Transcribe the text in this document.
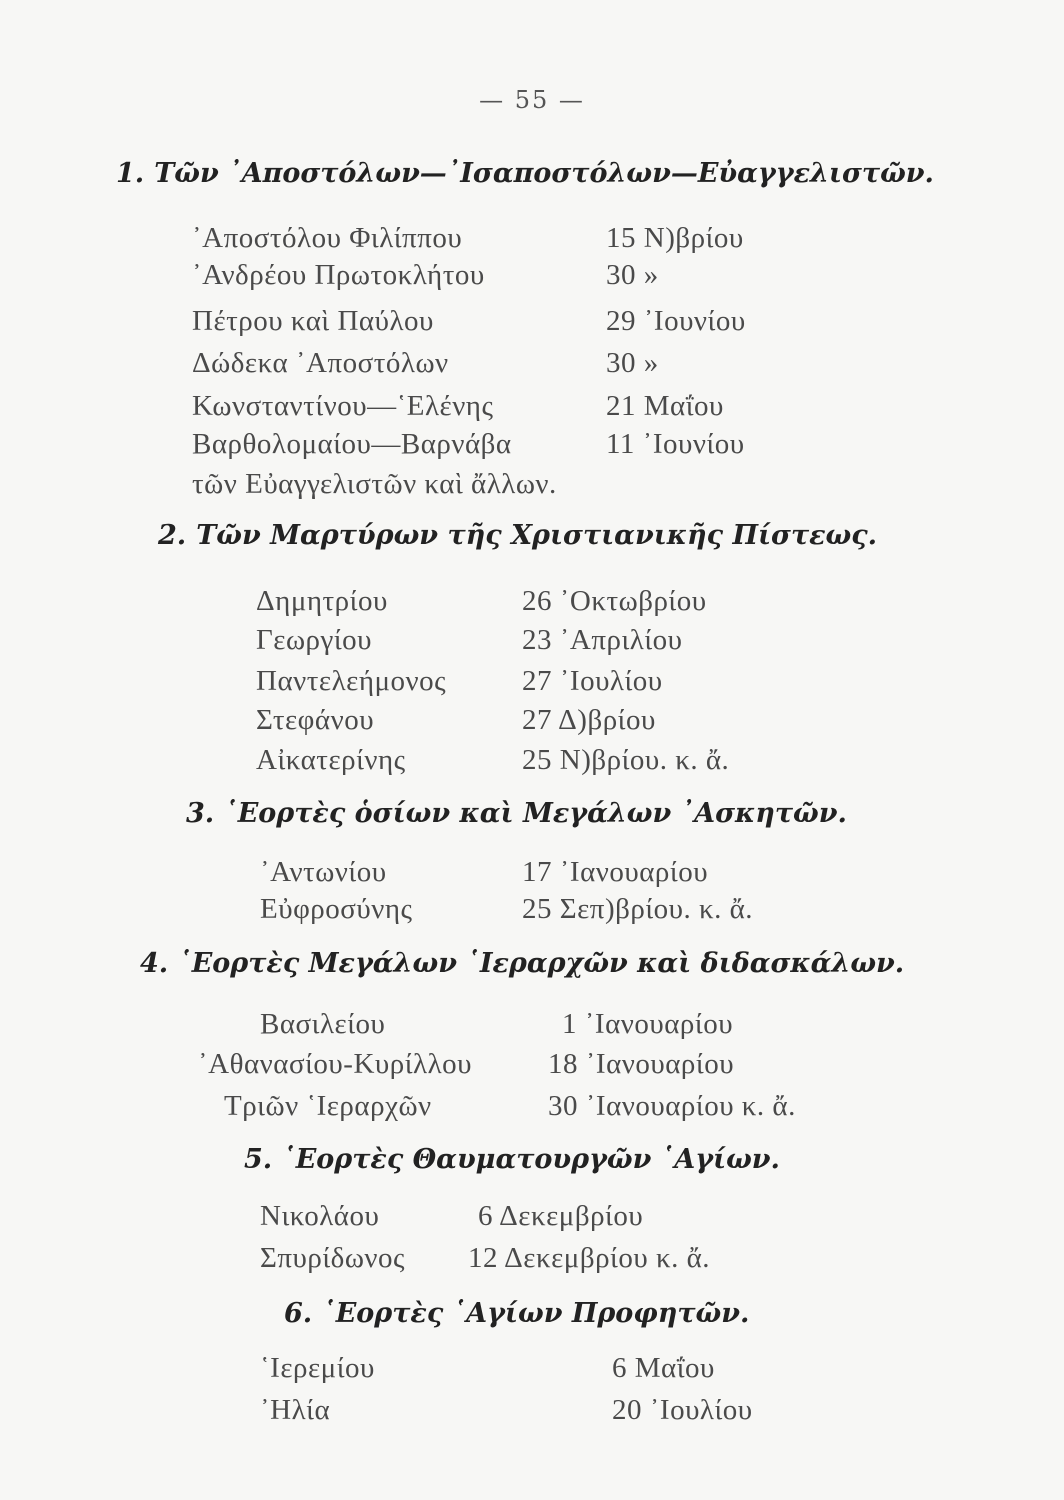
— 55 —
1. Τῶν ᾿Αποστόλων—᾿Ισαποστόλων—Εὐαγγελιστῶν.
᾿Αποστόλου Φιλίππου	15 Ν)βρίου
᾿Ανδρέου Πρωτοκλήτου	30 »
Πέτρου καὶ Παύλου	29 ᾿Ιουνίου
Δώδεκα ᾿Αποστόλων	30 »
Κωνσταντίνου—῾Ελένης	21 Μαΐου
Βαρθολομαίου—Βαρνάβα	11 ᾿Ιουνίου
τῶν Εὐαγγελιστῶν καὶ ἄλλων.
2. Τῶν Μαρτύρων τῆς Χριστιανικῆς Πίστεως.
Δημητρίου	26 ᾿Οκτωβρίου
Γεωργίου	23 ᾿Απριλίου
Παντελεήμονος	27 ᾿Ιουλίου
Στεφάνου	27 Δ)βρίου
Αἰκατερίνης	25 Ν)βρίου. κ. ἄ.
3. ῾Εορτὲς ὁσίων καὶ Μεγάλων ᾿Ασκητῶν.
᾿Αντωνίου	17 ᾿Ιανουαρίου
Εὐφροσύνης	25 Σεπ)βρίου. κ. ἄ.
4. ῾Εορτὲς Μεγάλων ῾Ιεραρχῶν καὶ διδασκάλων.
Βασιλείου	1 ᾿Ιανουαρίου
᾿Αθανασίου-Κυρίλλου	18 ᾿Ιανουαρίου
Τριῶν ῾Ιεραρχῶν	30 ᾿Ιανουαρίου κ. ἄ.
5. ῾Εορτὲς Θαυματουργῶν ῾Αγίων.
Νικολάου	6 Δεκεμβρίου
Σπυρίδωνος 12 Δεκεμβρίου κ. ἄ.
6. ῾Εορτὲς ῾Αγίων Προφητῶν.
῾Ιερεμίου	6 Μαΐου
᾿Ηλία	20 ᾿Ιουλίου
